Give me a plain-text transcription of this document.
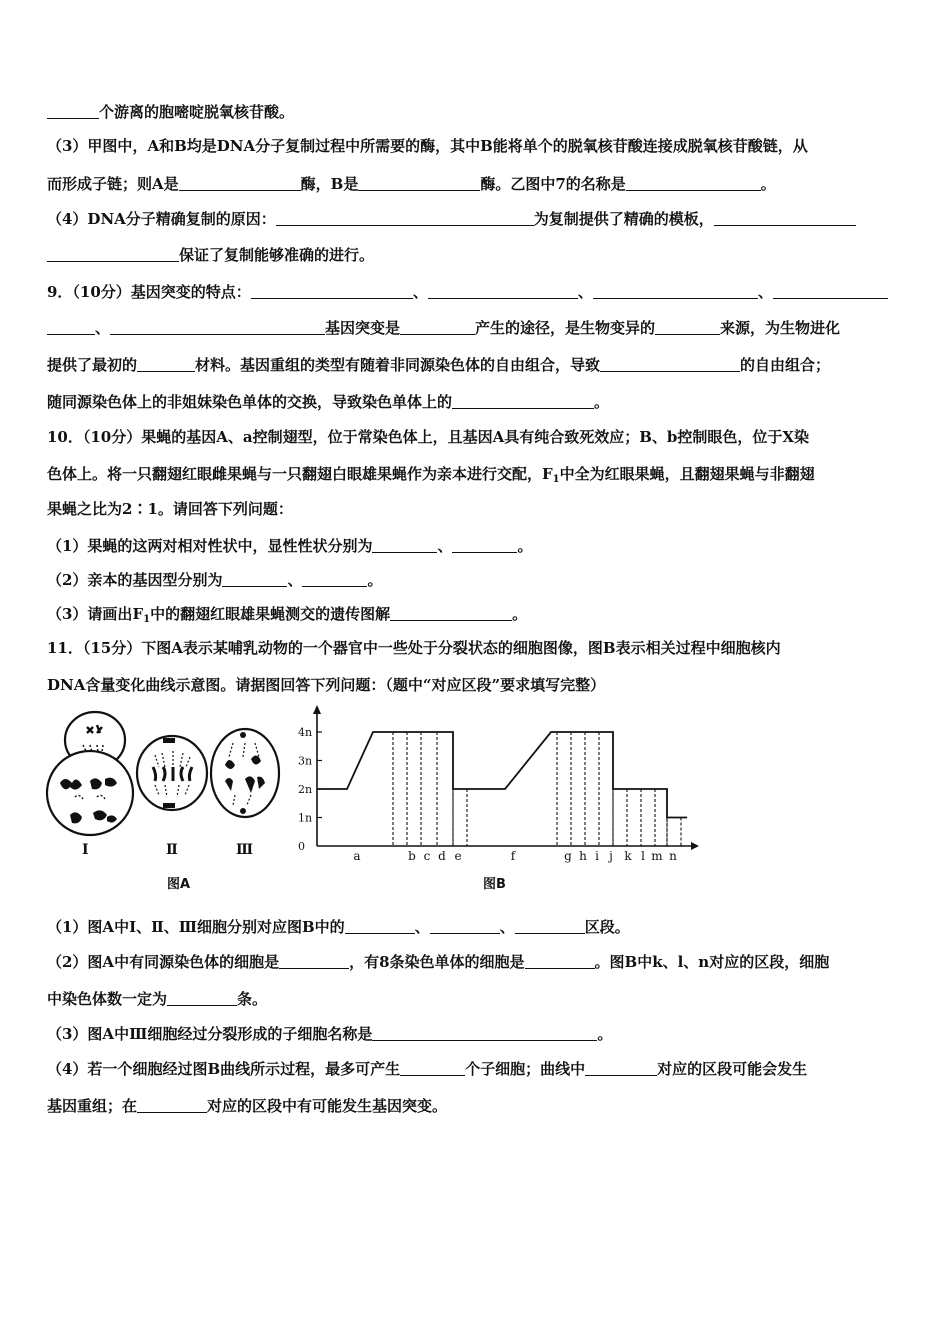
个游离的胞嘧啶脱氧核苷酸。
（3）甲图中，A和B均是DNA分子复制过程中所需要的酶，其中B能将单个的脱氧核苷酸连接成脱氧核苷酸链，从
而形成子链；则A是	酶，B是	酶。乙图中7的名称是	。
（4）DNA分子精确复制的原因：	为复制提供了精确的模板，
保证了复制能够准确的进行。
9．（10分）基因突变的特点：	、	、	、
、	基因突变是	产生的途径，是生物变异的	来源，为生物进化
提供了最初的	材料。基因重组的类型有随着非同源染色体的自由组合，导致	的自由组合；
随同源染色体上的非姐妹染色单体的交换，导致染色单体上的	。
10．（10分）果蝇的基因A、a控制翅型，位于常染色体上，且基因A具有纯合致死效应；B、b控制眼色，位于X染
色体上。将一只翻翅红眼雌果蝇与一只翻翅白眼雄果蝇作为亲本进行交配，$F_1$中全为红眼果蝇，且翻翅果蝇与非翻翅
果蝇之比为2∶1。请回答下列问题：
（1）果蝇的这两对相对性状中，显性性状分别为	、	。
（2）亲本的基因型分别为	、	。
（3）请画出$F_1$中的翻翅红眼雄果蝇测交的遗传图解	。
11．（15分）下图A表示某哺乳动物的一个器官中一些处于分裂状态的细胞图像，图B表示相关过程中细胞核内
DNA含量变化曲线示意图。请据图回答下列问题：（题中“对应区段”要求填写完整）
Ⅰ	Ⅱ	Ⅲ
图A
4n
3n
2n
1n
0
a	b c d e	f	g h i j k l m n
图B
（1）图A中Ⅰ、Ⅱ、Ⅲ细胞分别对应图B中的	、	、	区段。
（2）图A中有同源染色体的细胞是	，有8条染色单体的细胞是	。图B中k、l、n对应的区段，细胞
中染色体数一定为	条。
（3）图A中Ⅲ细胞经过分裂形成的子细胞名称是	。
（4）若一个细胞经过图B曲线所示过程，最多可产生	个子细胞；曲线中	对应的区段可能会发生
基因重组；在	对应的区段中有可能发生基因突变。
